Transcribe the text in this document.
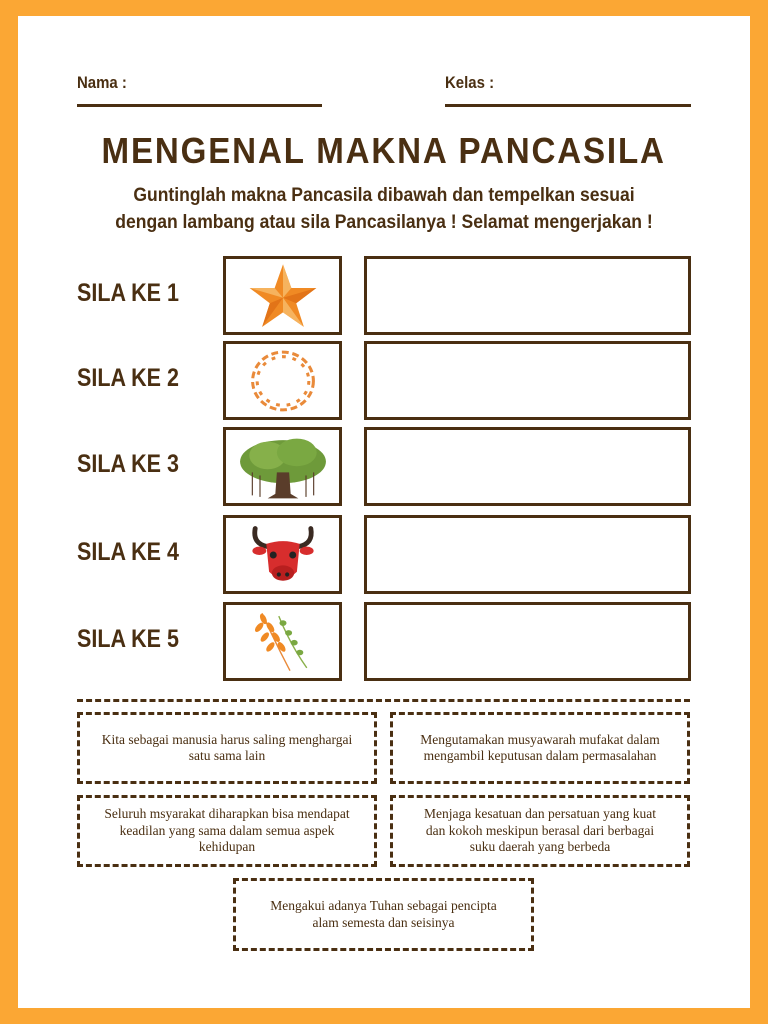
Nama :	Kelas :
MENGENAL MAKNA PANCASILA
Guntinglah makna Pancasila dibawah dan tempelkan sesuai
dengan lambang atau sila Pancasilanya ! Selamat mengerjakan !
SILA KE 1
SILA KE 2
SILA KE 3
SILA KE 4
SILA KE 5
Kita sebagai manusia harus saling menghargai satu sama lain
Mengutamakan musyawarah mufakat dalam mengambil keputusan dalam permasalahan
Seluruh msyarakat diharapkan bisa mendapat keadilan yang sama dalam semua aspek kehidupan
Menjaga kesatuan dan persatuan yang kuat dan kokoh meskipun berasal dari berbagai suku daerah yang berbeda
Mengakui adanya Tuhan sebagai pencipta alam semesta dan seisinya
